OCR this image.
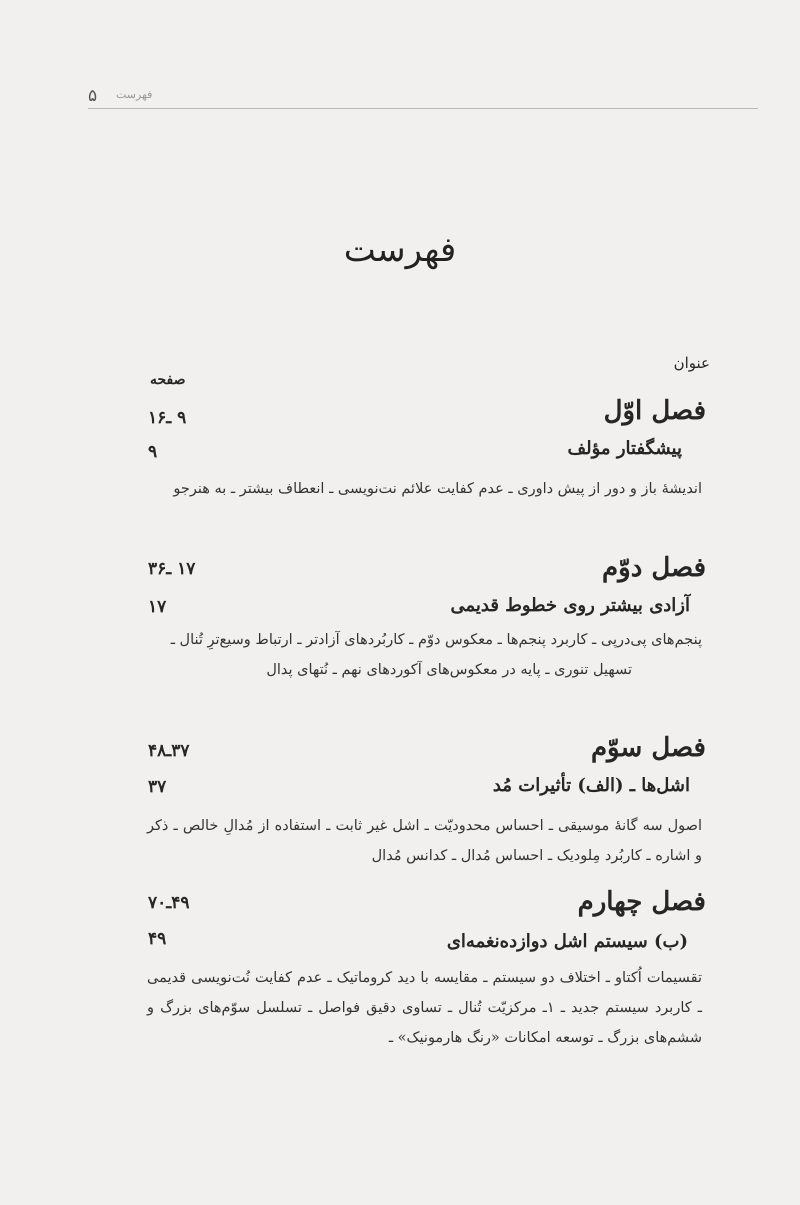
۵ فهرست
فهرست
عنوان
صفحه
فصل اوّل
۹ ـ۱۶
پیشگفتار مؤلف
۹

اندیشهٔ باز و دور از پیش داوری ـ عدم کفایت علائم نت‌نویسی ـ انعطاف بیشتر ـ به هنرجو

فصل دوّم
۱۷ ـ۳۶
آزادی بیشتر روی خطوط قدیمی
۱۷

پنجم‌های پی‌درپی ـ کاربرد پنجم‌ها ـ معکوس دوّم ـ کاربُردهای آزادتر ـ ارتباط وسیع‌ترِ تُنال ـ

تسهیل تنوری ـ پایه در معکوس‌های آکوردهای نهم ـ نُتهای پدال

فصل سوّم
۳۷ـ۴۸
اشل‌ها ـ (الف) تأثیرات مُد
۳۷

اصول سه گانهٔ موسیقی ـ احساس محدودیّت ـ اشل غیر ثابت ـ استفاده از مُدالِ خالص ـ ذکر و اشاره ـ کاربُرد مِلودیک ـ احساس مُدال ـ کدانس مُدال

فصل چهارم
۴۹ـ۷۰
(ب) سیستم اشل دوازده‌نغمه‌ای
۴۹

تقسیمات اُکتاو ـ اختلاف دو سیستم ـ مقایسه با دید کروماتیک ـ عدم کفایت نُت‌نویسی قدیمی ـ کاربرد سیستم جدید ـ ۱ـ مرکزیّت تُنال ـ تساوی دقیق فواصل ـ تسلسل سوّم‌های بزرگ و ششم‌های بزرگ ـ توسعه امکانات «رنگ هارمونیک» ـ
